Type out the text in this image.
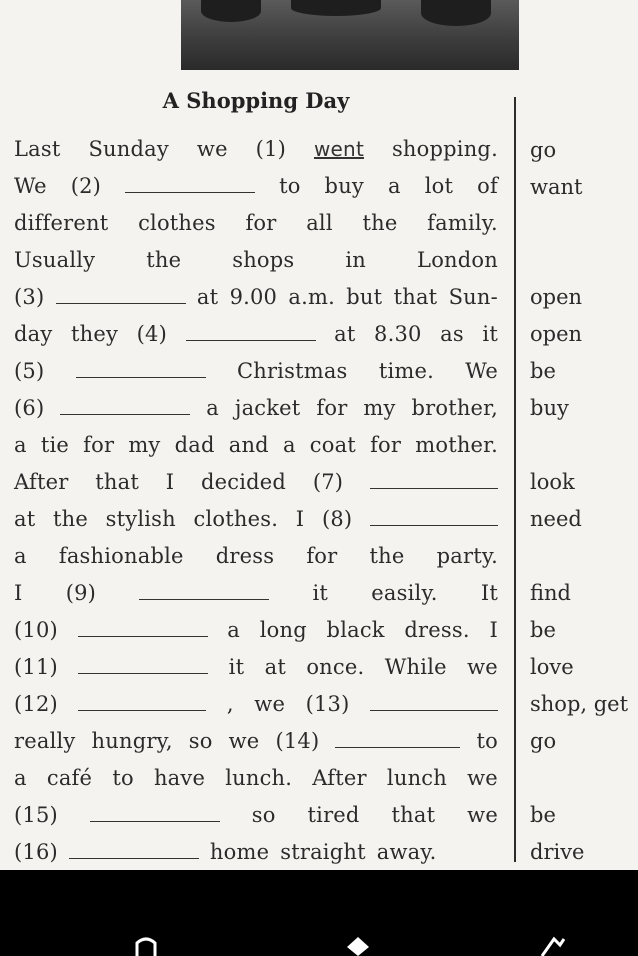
A Shopping Day
Last Sunday we (1) went shopping.
We (2)	to buy a lot of
different clothes for all the family.
Usually the shops in London
(3)	at 9.00 a.m. but that Sun-
day they (4)	at 8.30 as it
(5)	Christmas time. We
(6)	a jacket for my brother,
a tie for my dad and a coat for mother.
After that I decided (7)
at the stylish clothes. I (8)
a fashionable dress for the party.
I (9)	it easily. It
(10)	a long black dress. I
(11)	it at once. While we
(12)	, we (13)
really hungry, so we (14)	to
a café to have lunch. After lunch we
(15)	so tired that we
(16)	home straight away.
go
want
open
open
be
buy
look
need
find
be
love
shop, get
go
be
drive
